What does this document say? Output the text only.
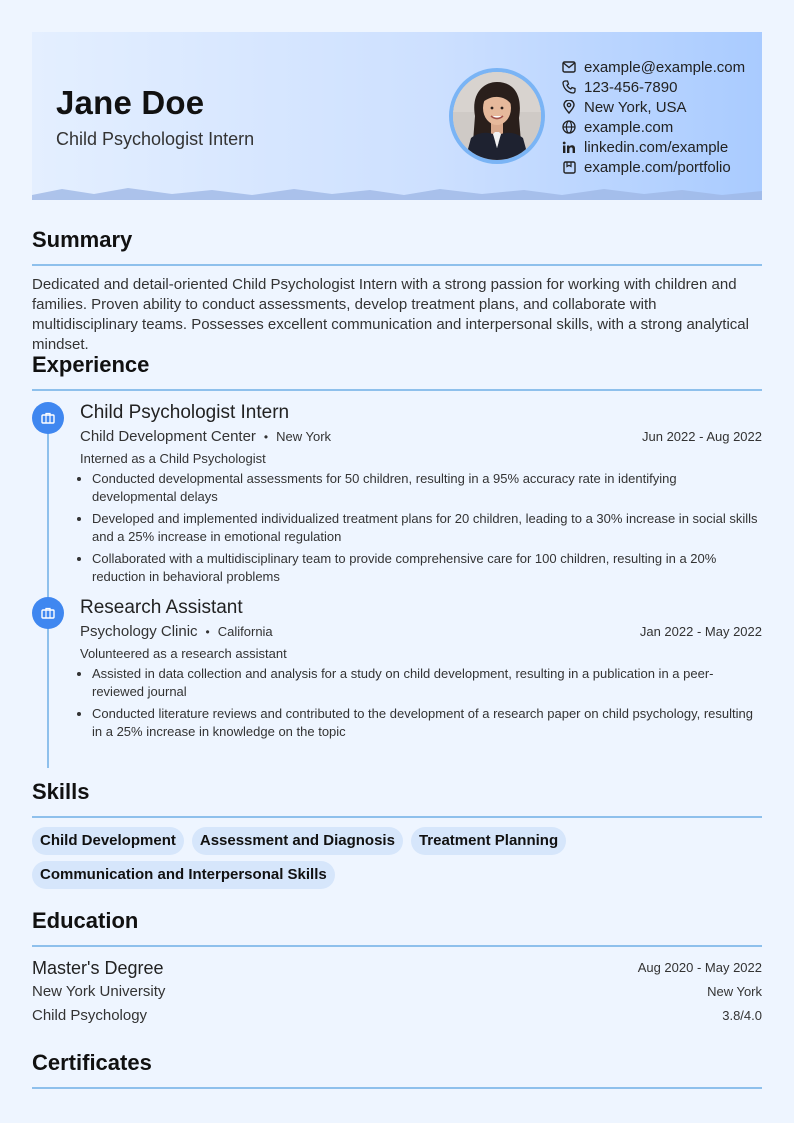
Jane Doe
Child Psychologist Intern
example@example.com
123-456-7890
New York, USA
example.com
linkedin.com/example
example.com/portfolio
Summary
Dedicated and detail-oriented Child Psychologist Intern with a strong passion for working with children and families. Proven ability to conduct assessments, develop treatment plans, and collaborate with multidisciplinary teams. Possesses excellent communication and interpersonal skills, with a strong analytical mindset.
Experience
Child Psychologist Intern
Child Development Center • New York	Jun 2022 - Aug 2022
Interned as a Child Psychologist
• Conducted developmental assessments for 50 children, resulting in a 95% accuracy rate in identifying developmental delays
• Developed and implemented individualized treatment plans for 20 children, leading to a 30% increase in social skills and a 25% increase in emotional regulation
• Collaborated with a multidisciplinary team to provide comprehensive care for 100 children, resulting in a 20% reduction in behavioral problems
Research Assistant
Psychology Clinic • California	Jan 2022 - May 2022
Volunteered as a research assistant
• Assisted in data collection and analysis for a study on child development, resulting in a publication in a peer-reviewed journal
• Conducted literature reviews and contributed to the development of a research paper on child psychology, resulting in a 25% increase in knowledge on the topic
Skills
Child Development	Assessment and Diagnosis	Treatment Planning
Communication and Interpersonal Skills
Education
Master's Degree	Aug 2020 - May 2022
New York University	New York
Child Psychology	3.8/4.0
Certificates
